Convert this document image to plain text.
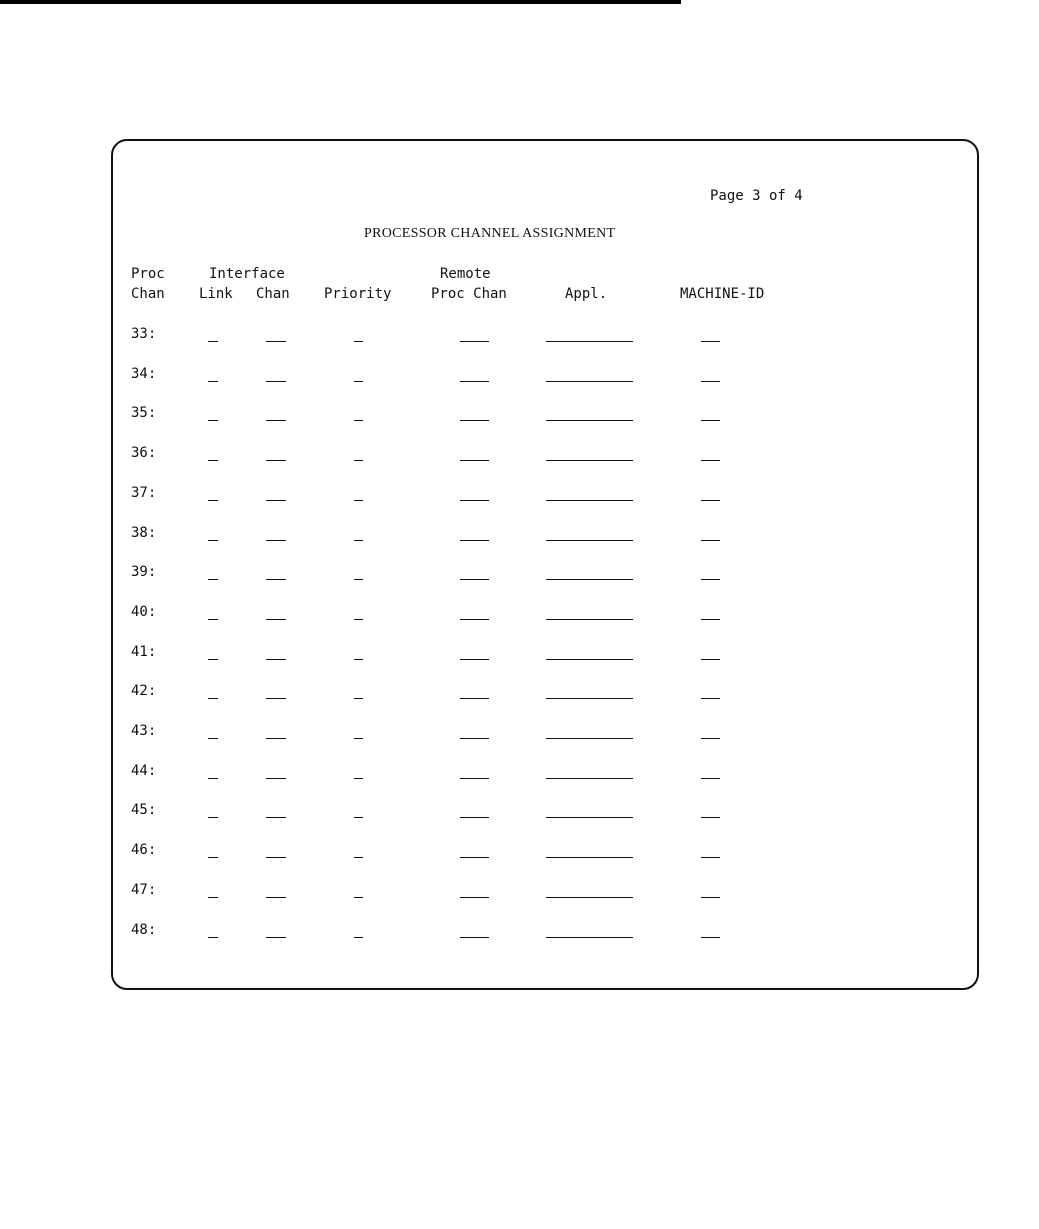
Page 3 of 4
PROCESSOR CHANNEL ASSIGNMENT
Proc
Chan
Interface
Link Chan Priority
Remote
Proc Chan	Appl.	MACHINE-ID
33:
34:
35:
36:
37:
38:
39:
40:
41:
42:
43:
44:
45:
46:
47:
48:
